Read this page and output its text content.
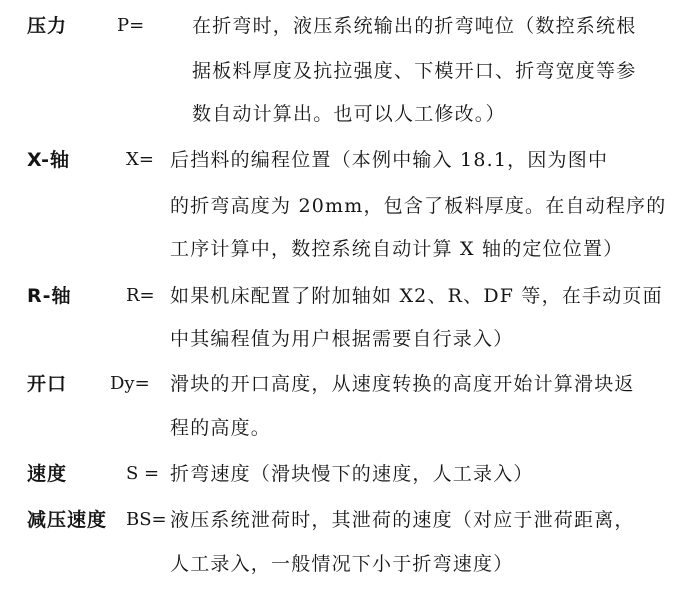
压力	P=	在折弯时，液压系统输出的折弯吨位（数控系统根
据板料厚度及抗拉强度、下模开口、折弯宽度等参
数自动计算出。也可以人工修改。）
X-轴	X= 后挡料的编程位置（本例中输入 18.1，因为图中
的折弯高度为 20mm，包含了板料厚度。在自动程序的
工序计算中，数控系统自动计算 X 轴的定位位置）
R-轴	R= 如果机床配置了附加轴如 X2、R、DF 等，在手动页面
中其编程值为用户根据需要自行录入）
开口 Dy= 滑块的开口高度，从速度转换的高度开始计算滑块返
程的高度。
速度	S = 折弯速度（滑块慢下的速度，人工录入）
减压速度 BS= 液压系统泄荷时，其泄荷的速度（对应于泄荷距离，
人工录入，一般情况下小于折弯速度）
